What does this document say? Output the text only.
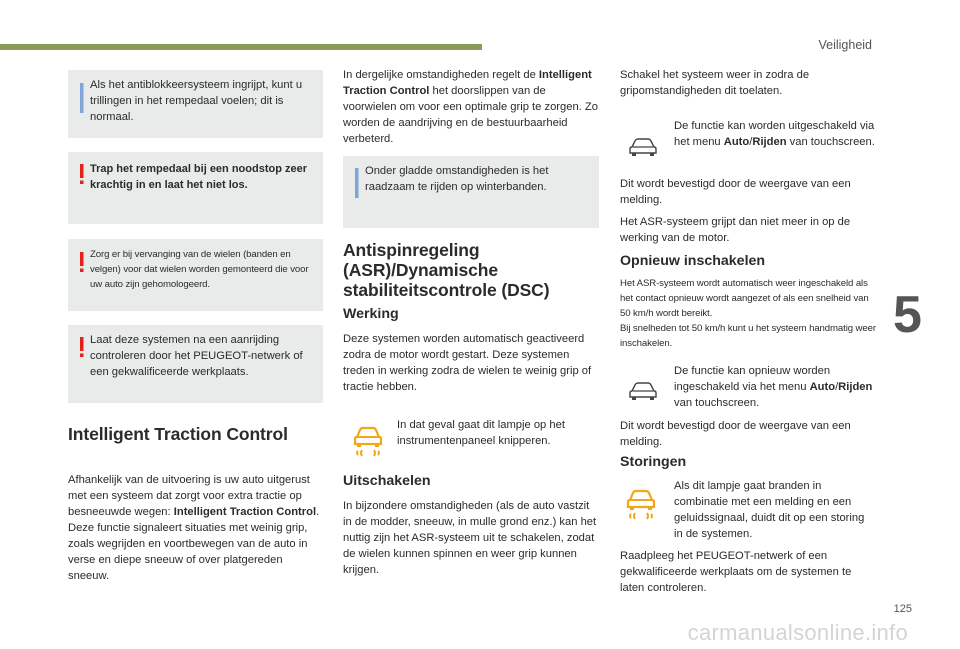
Veiligheid

Als het antiblokkeersysteem ingrijpt, kunt u trillingen in het rempedaal voelen; dit is normaal.

Trap het rempedaal bij een noodstop zeer krachtig in en laat het niet los.

Zorg er bij vervanging van de wielen (banden en velgen) voor dat wielen worden gemonteerd die voor uw auto zijn gehomologeerd.

Laat deze systemen na een aanrijding controleren door het PEUGEOT-netwerk of een gekwalificeerde werkplaats.

Intelligent Traction Control

Afhankelijk van de uitvoering is uw auto uitgerust met een systeem dat zorgt voor extra tractie op besneeuwde wegen: Intelligent Traction Control.

Deze functie signaleert situaties met weinig grip, zoals wegrijden en voortbewegen van de auto in verse en diepe sneeuw of over platgereden sneeuw.

In dergelijke omstandigheden regelt de Intelligent Traction Control het doorslippen van de voorwielen om voor een optimale grip te zorgen. Zo worden de aandrijving en de bestuurbaarheid verbeterd.

Onder gladde omstandigheden is het raadzaam te rijden op winterbanden.

Antispinregeling
(ASR)/Dynamische
stabiliteitscontrole (DSC)
Werking

Deze systemen worden automatisch geactiveerd zodra de motor wordt gestart. Deze systemen treden in werking zodra de wielen te weinig grip of tractie hebben.

In dat geval gaat dit lampje op het instrumentenpaneel knipperen.

Uitschakelen

In bijzondere omstandigheden (als de auto vastzit in de modder, sneeuw, in mulle grond enz.) kan het nuttig zijn het ASR-systeem uit te schakelen, zodat de wielen kunnen spinnen en weer grip kunnen krijgen.

Schakel het systeem weer in zodra de gripomstandigheden dit toelaten.

De functie kan worden uitgeschakeld via het menu Auto/Rijden van touchscreen.

Dit wordt bevestigd door de weergave van een melding.

Het ASR-systeem grijpt dan niet meer in op de werking van de motor.

Opnieuw inschakelen

Het ASR-systeem wordt automatisch weer ingeschakeld als het contact opnieuw wordt aangezet of als een snelheid van 50 km/h wordt bereikt.

Bij snelheden tot 50 km/h kunt u het systeem handmatig weer inschakelen.

De functie kan opnieuw worden ingeschakeld via het menu Auto/Rijden van touchscreen.

Dit wordt bevestigd door de weergave van een melding.

Storingen

Als dit lampje gaat branden in combinatie met een melding en een geluidssignaal, duidt dit op een storing in de systemen.

Raadpleeg het PEUGEOT-netwerk of een gekwalificeerde werkplaats om de systemen te laten controleren.

5
125
carmanualsonline.info
